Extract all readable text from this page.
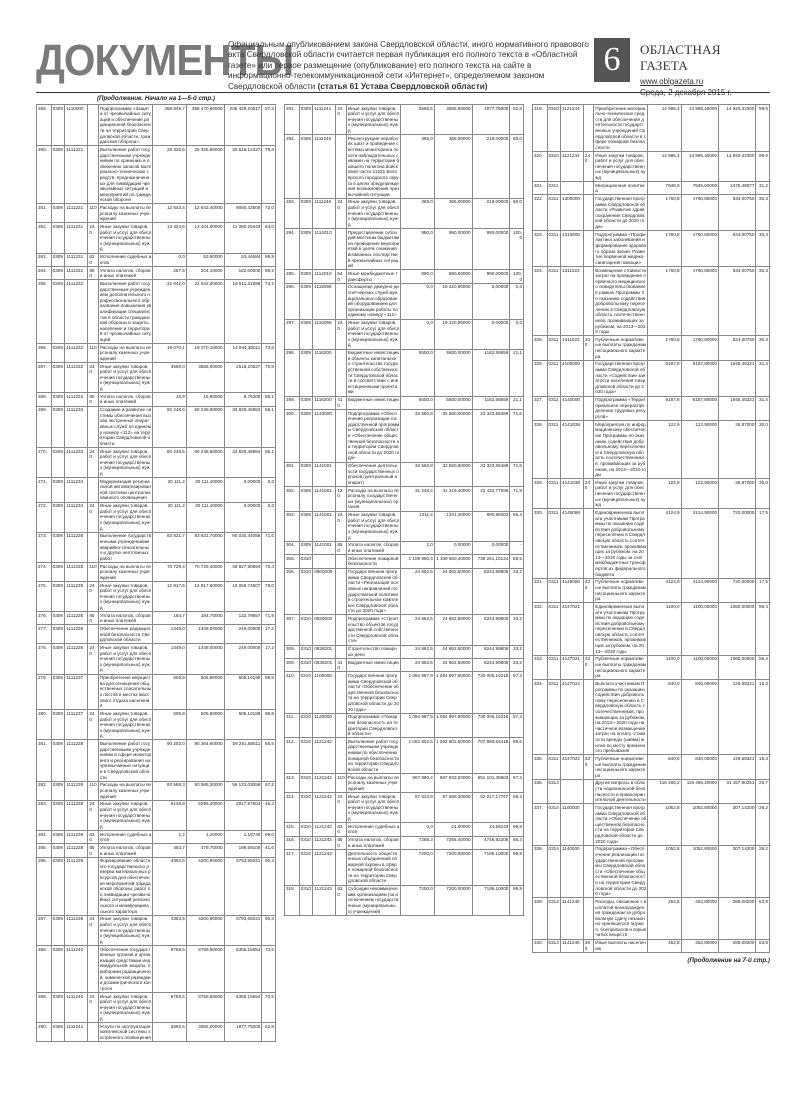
ДОКУМЕНТЫ
Официальным опубликованием закона Свердловской области, иного нормативного правового акта Свердловской области считается первая публикация его полного текста в «Областной газете» или первое размещение (опубликование) его полного текста на сайте в информационно-телекоммуникационной сети «Интернет», определяемом законом Свердловской области (статья 61 Устава Свердловской области)
6	ОБЛАСТНАЯ ГАЗЕТА
www.oblgazeta.ru
(Продолжение. Начало на 1—5-й стр.)
259.	0309	1110000		Подпрограмма «Защита от чрезвычайных ситуаций и обеспечение радиационной безопасности на территории Свердловской области, гражданская оборона»	358 849,7	358 470,60000	205 429,20517	57,3
260.	0309	1111231		Выполнение работ государственными учреждениями по хранению и освежению запасов материально-технических средств, предназначенных для ликвидации чрезвычайных ситуаций и мероприятий по гражданской обороне	26 325,6	26 325,90000	20 615,12427	78,3
261.	0309	1111231	110	Расходы на выплаты персоналу казенных учреждений	12 643,4	12 643,40000	9090,43500	72,0
262.	0309	1111231	240	Иные закупки товаров, работ и услуг для обеспечения государственных (муниципальных) нужд	13 424,6	13 424,60000	11 280,25443	84,0
263.	0309	1111231	830	Исполнение судебных актов	0,0	53,50000	53,44684	99,9
264.	0309	1111231	850	Уплата налогов, сборов и иных платежей	257,6	204,10000	182,00000	89,2
265.	0309	1111232		Выполнение работ государственным учреждением дополнительного профессионального образования повышения квалификации специалистов в области гражданской обороны и защиты населения и территорий от чрезвычайных ситуаций	22 642,0	22 642,00000	16 511,31898	73,2
266.	0309	1111232	110	Расходы на выплаты персоналу казенных учреждений	19 070,1	19 070,10000	14 944,35011	73,6
267.	0309	1111232	240	Иные закупки товаров, работ и услуг для обеспечения государственных (муниципальных) нужд	3556,0	3556,00000	2518,20527	70,8
268.	0309	1111232	850	Уплата налогов, сборов и иных платежей	15,9	15,90000	8,76300	55,1
269.	0309	1111233		Создание и развитие системы обеспечения вызова экстренных оперативных служб по единому номеру «112» на территории Свердловской области	60 248,6	60 248,60000	33 828,46884	56,1
270.	0309	1111233	240	Иные закупки товаров, работ и услуг для обеспечения государственных (муниципальных) нужд	60 248,6	60 248,60000	33 828,46884	56,1
271.	0309	1111234		Модернизация региональной автоматизированной системы централизованного оповещения	30 111,4	30 111,40000	0,00000	0,0
272.	0309	1111234	240	Иные закупки товаров, работ и услуг для обеспечения государственных (муниципальных) нужд	30 111,4	30 111,40000	0,00000	0,0
273.	0309	1111235		Выполнение государственными учреждениями аварийно-спасательных и других неотложных работ	83 831,7	83 831,70000	60 030,44058	71,6
274.	0309	1111235	110	Расходы на выплаты персоналу казенных учреждений	70 729,4	70 729,40000	49 827,90894	70,4
275.	0309	1111235	240	Иные закупки товаров, работ и услуг для обеспечения государственных (муниципальных) нужд	12 917,6	12 917,60000	10 069,74507	78,0
276.	0309	1111235	850	Уплата налогов, сборов и иных платежей	184,7	184,70000	132,78657	71,9
277.	0309	1111236		Обеспечение радиационной безопасности Свердловской области	1449,0	1449,00000	249,00000	17,2
278.	0309	1111236	240	Иные закупки товаров, работ и услуг для обеспечения государственных (муниципальных) нужд	1449,0	1449,00000	249,00000	17,2
279.	0309	1111237		Приобретение имущества для оснащения общественных спасательных постов в местах массового отдыха населения	505,9	505,90000	505,10199	99,8
280.	0309	1111237	240	Иные закупки товаров, работ и услуг для обеспечения государственных (муниципальных) нужд	505,9	505,90000	505,10199	99,8
281.	0309	1111238		Выполнение работ государственными учреждениями в сфере мониторинга и реагирования на чрезвычайные ситуации в Свердловской области	90 202,0	90 364,60000	59 251,68511	65,5
282.	0309	1111238	110	Расходы на выплаты персоналу казенных учреждений	83 588,3	83 588,30000	56 133,03058	67,2
283.	0309	1111238	240	Иные закупки товаров, работ и услуг для обеспечения государственных (муниципальных) нужд	6148,8	6295,40000	2917,87604	46,3
284.	0309	1111238	830	Исполнение судебных актов	1,2	1,20000	1,18749	99,0
285.	0309	1111238	850	Уплата налогов, сборов и иных платежей	463,7	479,70000	199,59100	41,6
286.	0309	1111239		Формирование областного государственного резерва материальных ресурсов для обеспечения мероприятий гражданской обороны, работ по ликвидации чрезвычайных ситуаций регионального и межмуниципального характера	4363,5	4200,90000	3793,65021	90,3
287.	0309	1111239	240	Иные закупки товаров, работ и услуг для обеспечения государственных (муниципальных) нужд	4363,5	4200,90000	3793,65021	90,3
288.	0309	1111240		Обеспечение государственных органов и организаций средствами индивидуальной защиты, приборами радиационной, химической разведки и дозиметрического контроля	8759,5	8759,50000	6355,15654	72,6
289.	0309	1111240	240	Иные закупки товаров, работ и услуг для обеспечения государственных (муниципальных) нужд	8759,5	8759,50000	6355,15654	72,6
290.	0309	1111241		Услуги по эксплуатации комплексной системы экстренного оповещения	3555,5	3555,50000	1877,75000	52,8
291.	0309	1111241	240	Иные закупки товаров, работ и услуг для обеспечения государственных (муниципальных) нужд	3555,5	3555,50000	1877,75000	52,8
292.	0309	1111246		Реконструкция нерабочих шахт и проведение системы мониторинга по сети наблюдательных скважин на территории бывшего полигона войсковой части 21221 Белоярского городского округа в целях предупреждения возникновения чрезвычайной ситуации	365,0	365,00000	219,00000	60,0
293.	0309	1111246	240	Иные закупки товаров, работ и услуг для обеспечения государственных (муниципальных) нужд	365,0	365,00000	219,00000	60,0
294.	0309	1114010		Предоставление субсидий местным бюджетам на проведение мероприятий в целях снижения возможных последствий чрезвычайных ситуаций	990,0	990,00000	990,00000	100,0
295.	0309	1114010	540	Иные межбюджетные трансферты	990,0	990,00000	990,00000	100,0
296.	0309	1115098		Оснащение дежурно-диспетчерских служб муниципальных образований оборудованием для организации работы по единому номеру «112»	0,0	19 420,90000	0,00000	0,0
297.	0309	1115098	240	Иные закупки товаров, работ и услуг для обеспечения государственных (муниципальных) нужд	0,0	19 420,90000	0,00000	0,0
298.	0309	1116200		Бюджетные инвестиции в объекты капитального строительства государственной собственности Свердловской области в соответствии с инвестиционными проектами	5500,0	5500,00000	1162,58859	21,1
299.	0309	1116200	410	Бюджетные инвестиции	5500,0	5500,00000	1162,58859	21,1
300.	0309	1140000		Подпрограмма «Обеспечение реализации государственной программы Свердловской области «Обеспечение общественной безопасности на территории Свердловской области до 2020 года»	32 560,8	32 560,80000	23 323,65489	71,6
301.	0309	1141001		Обеспечение деятельности государственных органов (центральный аппарат)	32 560,8	32 560,80000	23 323,65489	71,6
302.	0309	1141001	120	Расходы на выплаты персоналу государственных (муниципальных) органов	31 248,4	31 219,40000	22 432,77086	71,9
303.	0309	1141001	240	Иные закупки товаров, работ и услуг для обеспечения государственных (муниципальных) нужд	1311,4	1341,40000	890,88403	66,4
304.	0309	1141001	850	Уплата налогов, сборов и иных платежей	1,0	0,00000	0,00000	-
305.	0310			Обеспечение пожарной безопасности	1 109 860,4	1 109 860,40000	738 251,16124	66,5
306.	0310	0800000		Государственная программа Свердловской области «Реализация основных направлений государственной политики в строительном комплексе Свердловской области до 2020 года»	24 862,5	24 862,50000	8244,99806	33,2
307.	0310	0830000		Подпрограмма «Строительство объектов государственной собственности Свердловской области»	24 862,5	24 862,50000	8244,99806	33,2
308.	0310	0836201		Строительство пожарных депо	24 862,5	24 862,50000	8244,99806	33,2
309.	0310	0836201	410	Бюджетные инвестиции	24 862,5	24 862,50000	8244,99806	33,2
310.	0310	1100000		Государственная программа Свердловской области «Обеспечение общественной безопасности на территории Свердловской области до 2020 года»	1 084 997,9	1 084 997,90000	730 006,16318	67,3
311.	0310	1120000		Подпрограмма «Пожарная безопасность на территории Свердловской области»	1 084 997,9	1 084 997,90000	730 006,16318	67,3
312.	0310	1121242		Выполнение работ государственными учреждениями по обеспечению пожарной безопасности на территории Свердловской области	1 062 802,5	1 062 802,50000	707 890,64418	66,6
313.	0310	1121242	110	Расходы на выплаты персоналу казенных учреждений	967 890,4	967 833,20000	651 101,35803	67,3
314.	0310	1121242	240	Иные закупки товаров, работ и услуг для обеспечения государственных (муниципальных) нужд	87 623,8	87 688,30000	52 017,17767	59,3
315.	0310	1121242	830	Исполнение судебных актов	0,0	24,60000	24,58243	99,9
316.	0310	1121242	850	Уплата налогов, сборов и иных платежей	7288,3	7256,40000	4746,92205	65,4
317.	0310	1121243		Деятельность общественных объединений пожарной охраны в сфере пожарной безопасности на территории Свердловской области	7200,0	7200,00000	7195,10000	99,9
318.	0310	1121243	630	Субсидии некоммерческим организациям (за исключением государственных (муниципальных) учреждений)	7200,0	7200,00000	7195,10000	99,9
319.	0310	1121244		Приобретение материально-технических средств для обеспечения деятельности государственных учреждений Свердловской области в сфере пожарной безопасности	14 995,4	14 995,40000	14 920,42300	99,5
320.	0310	1121244	240	Иные закупки товаров, работ и услуг для обеспечения государственных (муниципальных) нужд	14 995,4	14 995,40000	14 920,42300	99,5
321.	0311			Миграционная политика	7948,9	7948,60000	2476,48077	31,2
322.	0311	1300000		Государственная программа Свердловской области «Развитие здравоохранения Свердловской области до 2020 года»	1760,8	1760,80000	534,00750	30,3
323.	0311	1310000		Подпрограмма «Профилактика заболеваний и формирование здорового образа жизни. Развитие первичной медико-санитарной помощи»	1760,8	1760,80000	534,00750	30,3
324.	0311	1311023		Возмещение стоимости затрат на проведение первичного медицинского освидетельствования в рамках Программы по оказанию содействия добровольному переселению в Свердловскую область соотечественников, проживающих за рубежом, на 2013—2020 годы	1760,8	1760,80000	534,00750	30,3
325.	0311	1311023	330	Публичные нормативные выплаты гражданам несоциального характера	1760,8	1760,80000	534,00750	30,3
326.	0311	4100000		Государственная программа Свердловской области «Содействие занятости населения Свердловской области до 2020 года»	6187,8	6187,80000	1945,45321	31,4
327.	0311	4140000		Подпрограмма «Территориальное перераспределение трудовых ресурсов»	6187,8	6187,80000	1945,45321	31,4
328.	0311	4141038		Мероприятия по информационному обеспечению Программы по оказанию содействия добровольному переселению в Свердловскую область соотечественников, проживающих за рубежом, на 2013—2020 годы	122,9	122,90000	36,87000	30,0
329.	0311	4141038	240	Иные закупки товаров, работ и услуг для обеспечения государственных (муниципальных) нужд	122,9	122,90000	36,87000	30,0
330.	0311	4145086		Единовременная выплата участникам Программы по оказанию содействия добровольному переселению в Свердловскую область соотечественников, проживающих за рубежом, на 2013—2020 годы за счет межбюджетных трансфертов из федерального бюджета	4124,9	4124,90000	720,00000	17,5
331.	0311	4145086	330	Публичные нормативные выплаты гражданам несоциального характера	4124,9	4124,90000	720,00000	17,5
332.	0311	4147021		Единовременная выплата участникам Программы по оказанию содействия добровольному переселению в Свердловскую область соотечественников, проживающих за рубежом, на 2013—2020 годы	1100,0	1100,00000	1060,00000	96,4
333.	0311	4147021	330	Публичные нормативные выплаты гражданам несоциального характера	1100,0	1100,00000	1060,00000	96,4
334.	0311	4147022		Выплата участникам Программы по оказанию содействия добровольному переселению в Свердловскую область соотечественников, проживающих за рубежом, на 2013—2020 годы на частичное возмещение затрат на оплату стоимости аренды (найма) жилья по месту временного пребывания	840,0	840,00000	128,58321	15,3
335.	0311	4147022	330	Публичные нормативные выплаты гражданам несоциального характера	840,0	840,00000	128,58321	15,3
336.	0314			Другие вопросы в области национальной безопасности и правоохранительной деятельности	116 486,2	116 486,20000	31 157,90251	26,7
337.	0314	1100000		Государственная программа Свердловской области «Обеспечение общественной безопасности на территории Свердловской области до 2020 года»	1052,8	1052,80000	307,14200	29,2
338.	0314	1140000		Подпрограмма «Обеспечение реализации государственной программы Свердловской области «Обеспечение общественной безопасности на территории Свердловской области до 2020 года»	1052,8	1052,80000	307,14200	29,2
339.	0314	1141245		Расходы, связанные с выплатой вознаграждения гражданам за добровольную сдачу незаконно хранящегося оружия, боеприпасов и взрывчатых веществ	452,8	452,80000	289,08200	63,8
340.	0314	1141245	360	Иные выплаты населению	452,8	452,80000	289,08200	63,8
(Продолжение на 7-й стр.)
